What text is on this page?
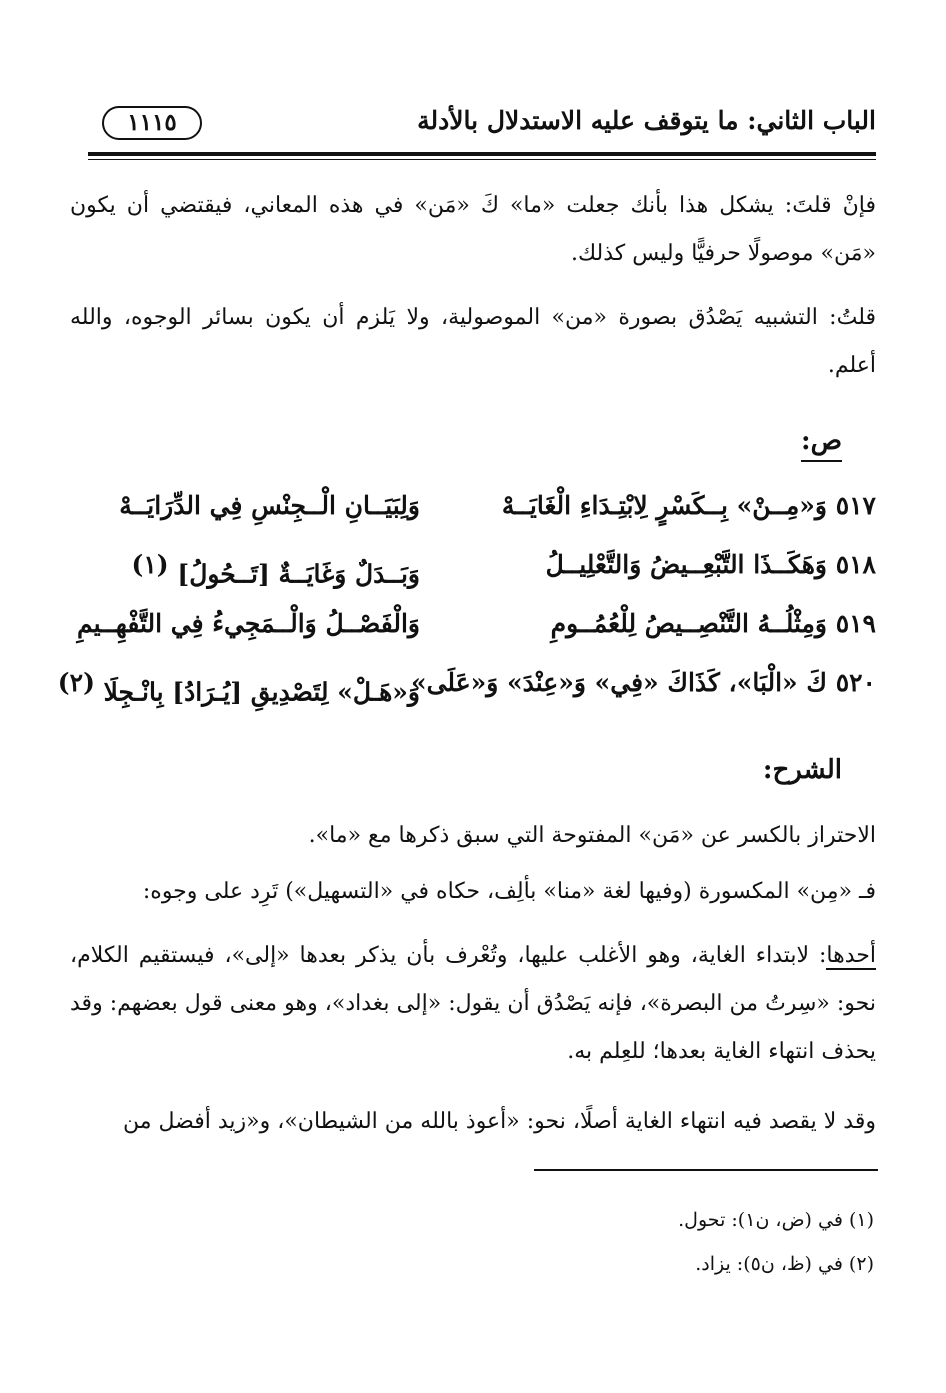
الباب الثاني: ما يتوقف عليه الاستدلال بالأدلة
١١١٥

فإنْ قلتَ: يشكل هذا بأنك جعلت «ما» كَ «مَن» في هذه المعاني، فيقتضي أن يكون «مَن» موصولًا حرفيًّا وليس كذلك.

قلتُ: التشبيه يَصْدُق بصورة «من» الموصولية، ولا يَلزم أن يكون بسائر الوجوه، والله أعلم.

ص:
٥١٧ وَ«مِــنْ» بِــكَسْرٍ لِابْتِـدَاءِ الْغَايَــهْ
وَلِبَيَــانِ الْــجِنْسِ فِي الدِّرَايَــهْ
٥١٨ وَهَكَــذَا التَّبْعِــيضُ وَالتَّعْلِيــلُ
وَبَــدَلٌ وَغَايَــةٌ [تَــحُولُ] (١)
٥١٩ وَمِثْلُــهُ التَّنْصِــيصُ لِلْعُمُــومِ
وَالْفَصْــلُ وَالْــمَجِيءُ فِي التَّفْهِــيمِ
٥٢٠ كَ «الْبَا»، كَذَاكَ «فِي» وَ«عِنْدَ» وَ«عَلَى»
وَ«هَـلْ» لِتَصْدِيقِ [يُـرَادُ] بِانْـجِلَا (٢)
الشرح:

الاحتراز بالكسر عن «مَن» المفتوحة التي سبق ذكرها مع «ما».

فـ «مِن» المكسورة (وفيها لغة «منا» بألِف، حكاه في «التسهيل») تَرِد على وجوه:

أحدها: لابتداء الغاية، وهو الأغلب عليها، وتُعْرف بأن يذكر بعدها «إلى»، فيستقيم الكلام، نحو: «سِرتُ من البصرة»، فإنه يَصْدُق أن يقول: «إلى بغداد»، وهو معنى قول بعضهم: وقد يحذف انتهاء الغاية بعدها؛ للعِلم به.

وقد لا يقصد فيه انتهاء الغاية أصلًا، نحو: «أعوذ بالله من الشيطان»، و«زيد أفضل من

(١) في (ض، ن١): تحول.
(٢) في (ظ، ن٥): يزاد.
